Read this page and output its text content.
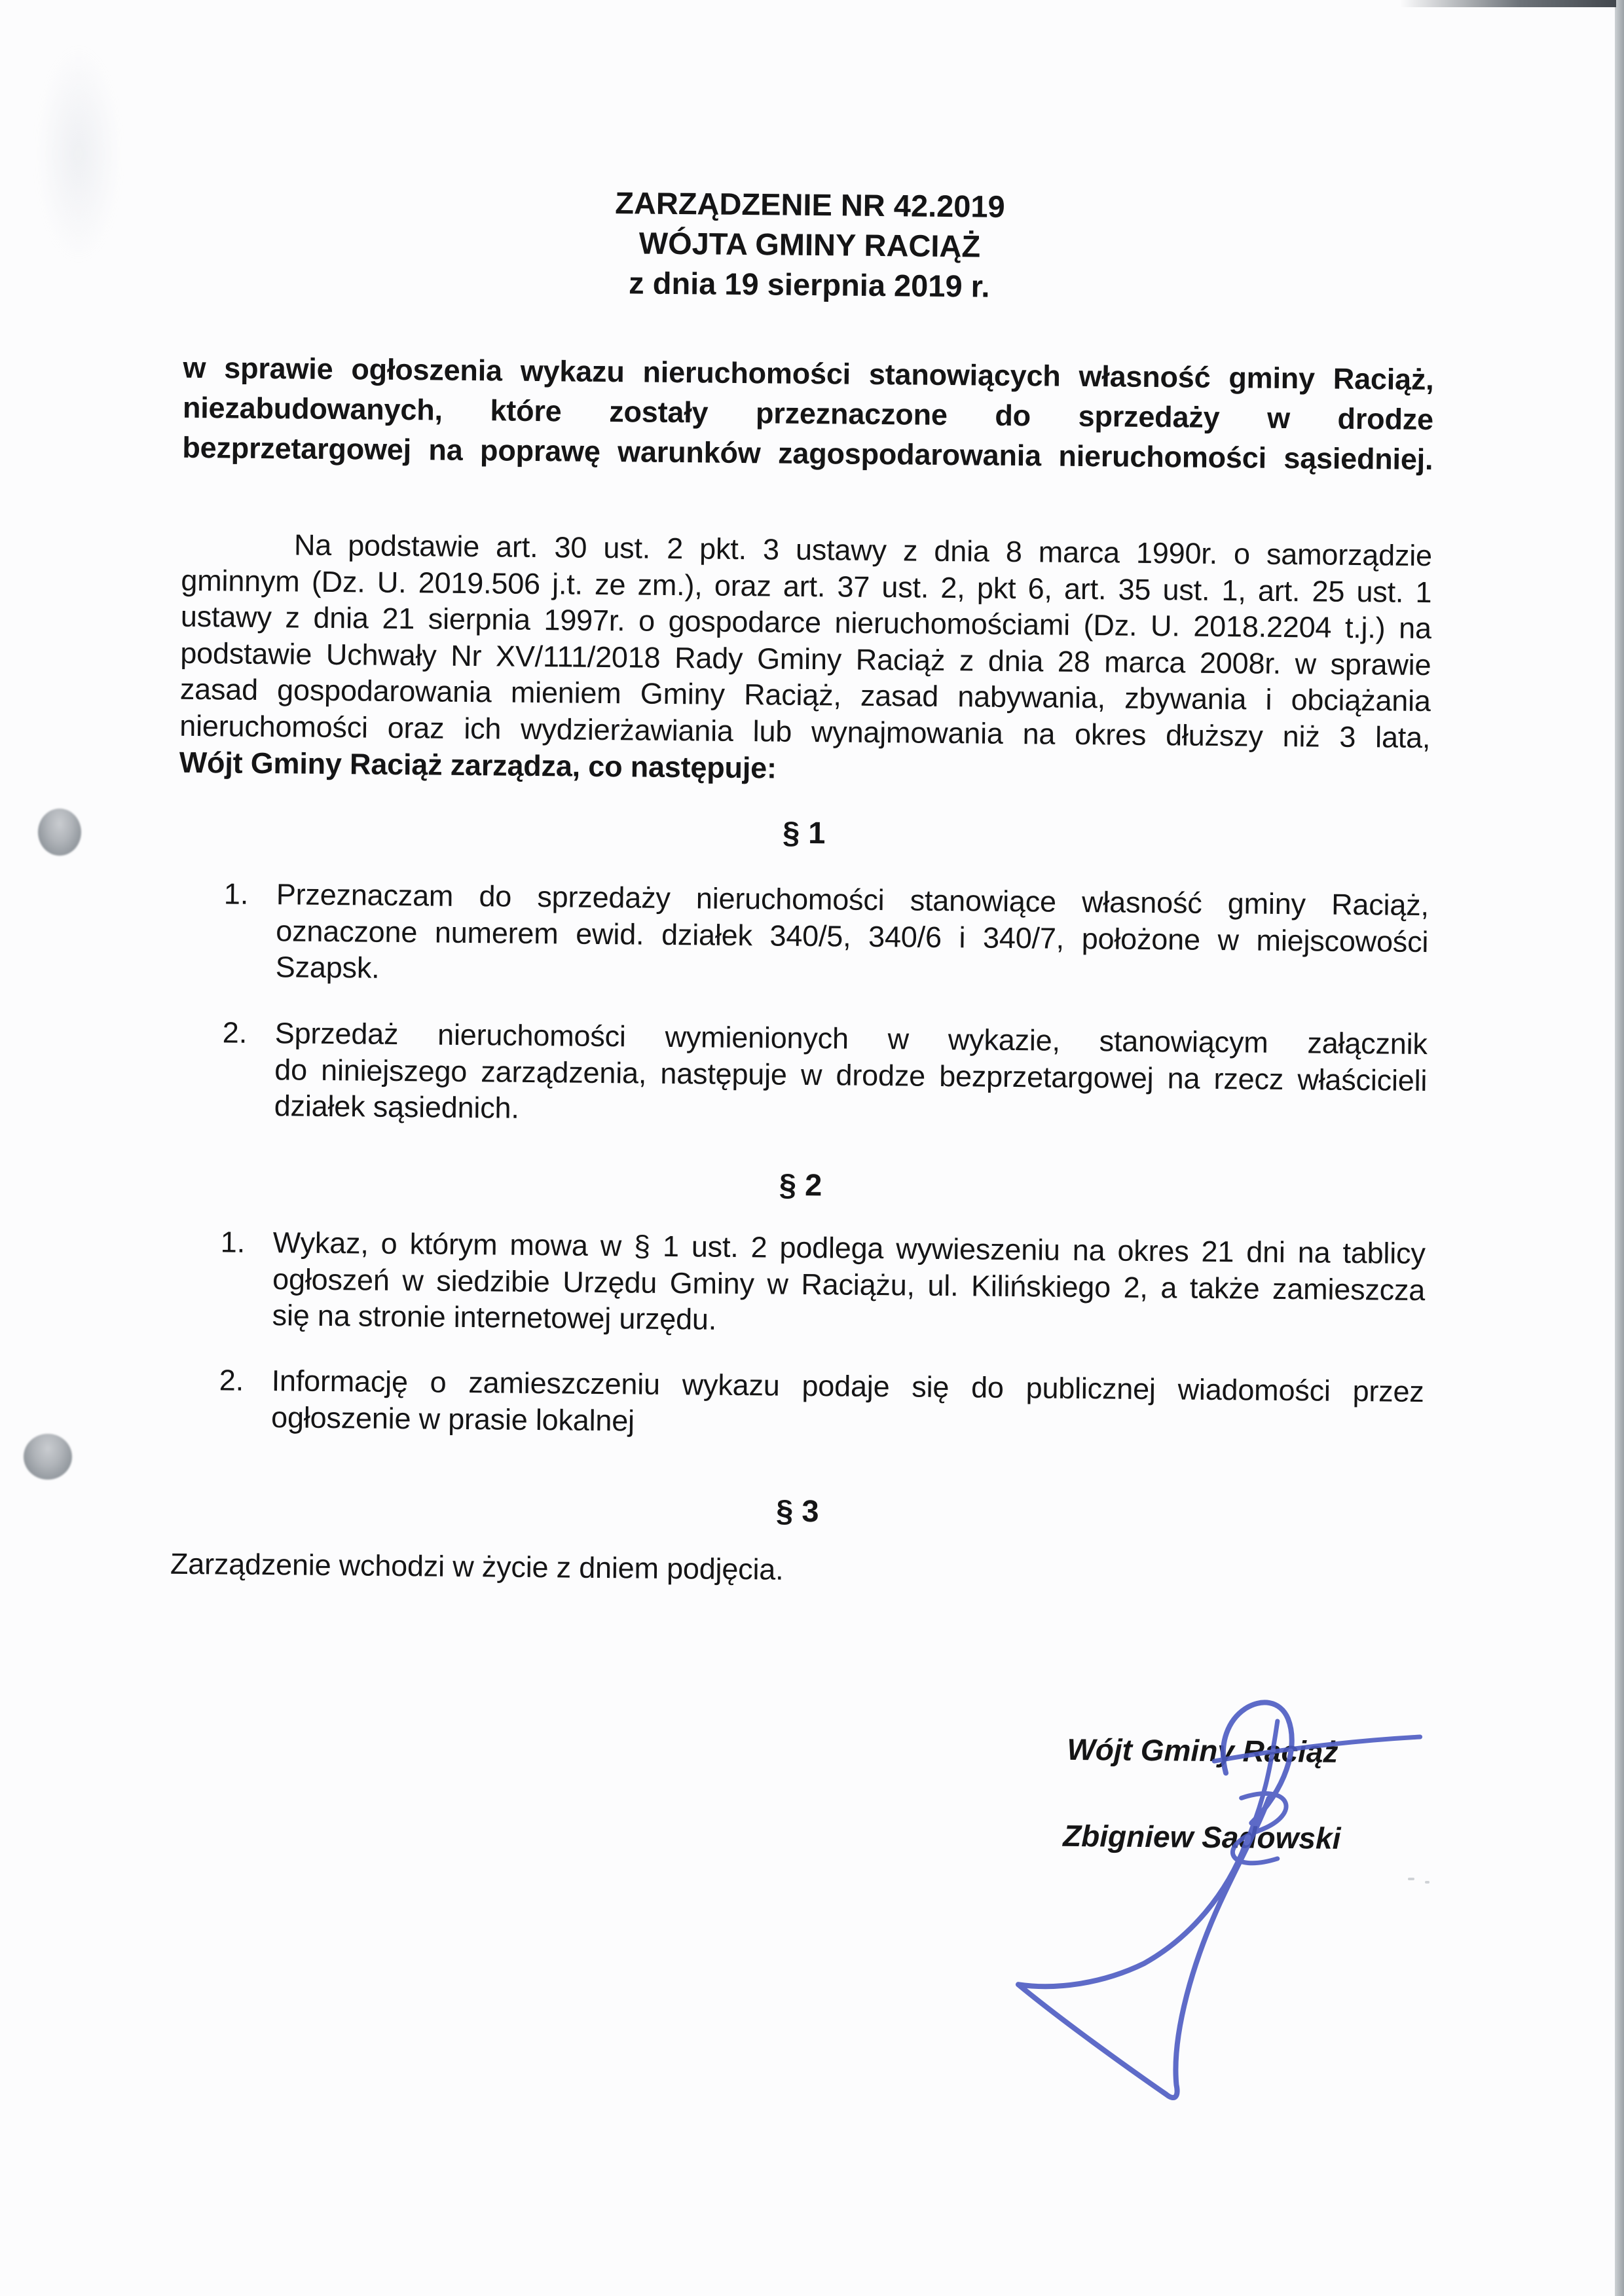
ZARZĄDZENIE NR 42.2019
WÓJTA GMINY RACIĄŻ
z dnia 19 sierpnia 2019 r.
w sprawie ogłoszenia wykazu nieruchomości stanowiących własność gminy Raciąż,
niezabudowanych, które zostały przeznaczone do sprzedaży w drodze
bezprzetargowej na poprawę warunków zagospodarowania nieruchomości sąsiedniej.
Na podstawie art. 30 ust. 2 pkt. 3 ustawy z dnia 8 marca 1990r. o samorządzie
gminnym (Dz. U. 2019.506 j.t. ze zm.), oraz art. 37 ust. 2, pkt 6, art. 35 ust. 1, art. 25 ust. 1
ustawy z dnia 21 sierpnia 1997r. o gospodarce nieruchomościami (Dz. U. 2018.2204 t.j.) na
podstawie Uchwały Nr XV/111/2018 Rady Gminy Raciąż z dnia 28 marca 2008r. w sprawie
zasad gospodarowania mieniem Gminy Raciąż, zasad nabywania, zbywania i obciążania
nieruchomości oraz ich wydzierżawiania lub wynajmowania na okres dłuższy niż 3 lata,
Wójt Gminy Raciąż zarządza, co następuje:
§ 1
1. Przeznaczam do sprzedaży nieruchomości stanowiące własność gminy Raciąż,
oznaczone numerem ewid. działek 340/5, 340/6 i 340/7, położone w miejscowości
Szapsk.
2. Sprzedaż nieruchomości wymienionych w wykazie, stanowiącym załącznik
do niniejszego zarządzenia, następuje w drodze bezprzetargowej na rzecz właścicieli
działek sąsiednich.
§ 2
1. Wykaz, o którym mowa w § 1 ust. 2 podlega wywieszeniu na okres 21 dni na tablicy
ogłoszeń w siedzibie Urzędu Gminy w Raciążu, ul. Kilińskiego 2, a także zamieszcza
się na stronie internetowej urzędu.
2. Informację o zamieszczeniu wykazu podaje się do publicznej wiadomości przez
ogłoszenie w prasie lokalnej
§ 3
Zarządzenie wchodzi w życie z dniem podjęcia.
Wójt Gminy Raciąż
Zbigniew Sadowski
